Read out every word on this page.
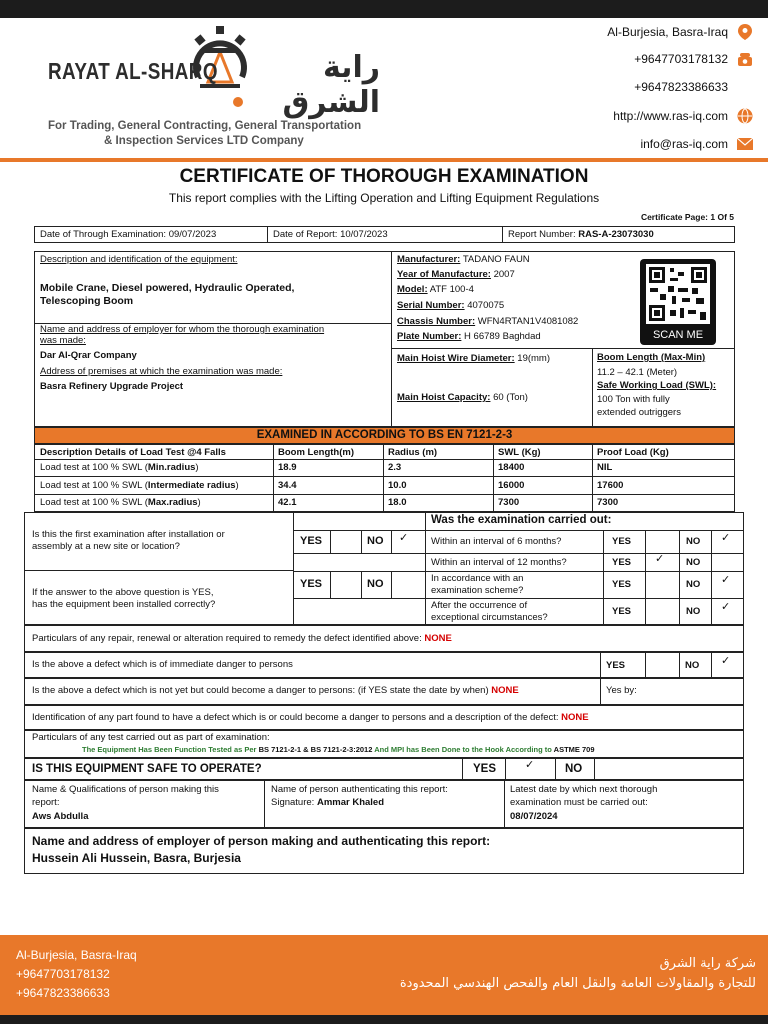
RAYAT AL-SHARQ	راية الشرق
For Trading, General Contracting, General Transportation
& Inspection Services LTD Company
Al-Burjesia, Basra-Iraq
+9647703178132
+9647823386633
http://www.ras-iq.com
info@ras-iq.com
CERTIFICATE OF THOROUGH EXAMINATION
This report complies with the Lifting Operation and Lifting Equipment Regulations
Certificate Page: 1 Of 5
Date of Through Examination: 09/07/2023	Date of Report: 10/07/2023	Report Number: RAS-A-23073030
Description and identification of the equipment:
Mobile Crane, Diesel powered, Hydraulic Operated,
Telescoping Boom
Name and address of employer for whom the thorough examination
was made:
Dar Al-Qrar Company
Address of premises at which the examination was made:
Basra Refinery Upgrade Project
Manufacturer: TADANO FAUN
Year of Manufacture: 2007
Model: ATF 100-4
Serial Number: 4070075
Chassis Number: WFN4RTAN1V4081082
Plate Number: H 66789 Baghdad	SCAN ME
Main Hoist Wire Diameter: 19(mm)
Main Hoist Capacity: 60 (Ton)
Boom Length (Max-Min)
11.2 – 42.1 (Meter)
Safe Working Load (SWL):
100 Ton with fully
extended outriggers
EXAMINED IN ACCORDING TO BS EN 7121-2-3
Description Details of Load Test @4 Falls	Boom Length(m)	Radius (m)	SWL (Kg)	Proof Load (Kg)
Load test at 100 % SWL (Min.radius)	18.9	2.3	18400	NIL
Load test at 100 % SWL (Intermediate radius)	34.4	10.0	16000	17600
Load test at 100 % SWL (Max.radius)	42.1	18.0	7300	7300
Is this the first examination after installation or
assembly at a new site or location?
If the answer to the above question is YES,
has the equipment been installed correctly?
YES	NO ✓
YES	NO
Was the examination carried out:
Within an interval of 6 months?	YES	NO ✓
Within an interval of 12 months?	YES ✓ NO
In accordance with an
examination scheme?
YES	NO ✓
After the occurrence of
exceptional circumstances?
YES	NO ✓
Particulars of any repair, renewal or alteration required to remedy the defect identified above: NONE
Is the above a defect which is of immediate danger to persons	YES	NO ✓
Is the above a defect which is not yet but could become a danger to persons: (if YES state the date by when) NONE	Yes by:
Identification of any part found to have a defect which is or could become a danger to persons and a description of the defect: NONE
Particulars of any test carried out as part of examination:
The Equipment Has Been Function Tested as Per BS 7121-2-1 & BS 7121-2-3:2012 And MPI has Been Done to the Hook According to ASTME 709
IS THIS EQUIPMENT SAFE TO OPERATE?	YES	✓	NO
Name & Qualifications of person making this
report:
Aws Abdulla
Name of person authenticating this report:
Signature: Ammar Khaled
Latest date by which next thorough
examination must be carried out:
08/07/2024
Name and address of employer of person making and authenticating this report:
Hussein Ali Hussein, Basra, Burjesia
Al-Burjesia, Basra-Iraq
+9647703178132
+9647823386633
شركة راية الشرق
للتجارة والمقاولات العامة والنقل العام والفحص الهندسي المحدودة
